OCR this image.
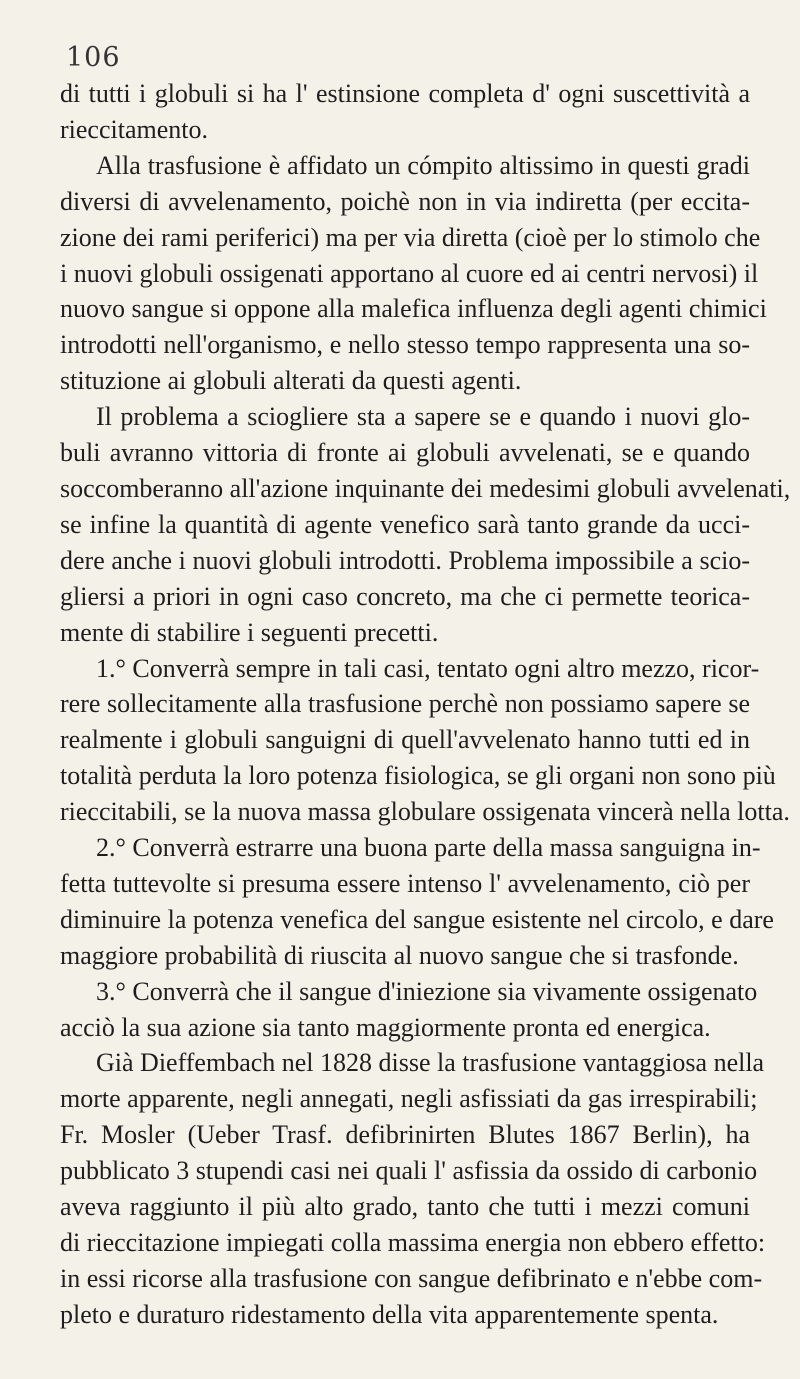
106
di tutti i globuli si ha l' estinsione completa d' ogni suscettività a
rieccitamento.
Alla trasfusione è affidato un cómpito altissimo in questi gradi
diversi di avvelenamento, poichè non in via indiretta (per eccita-
zione dei rami periferici) ma per via diretta (cioè per lo stimolo che
i nuovi globuli ossigenati apportano al cuore ed ai centri nervosi) il
nuovo sangue si oppone alla malefica influenza degli agenti chimici
introdotti nell'organismo, e nello stesso tempo rappresenta una so-
stituzione ai globuli alterati da questi agenti.
Il problema a sciogliere sta a sapere se e quando i nuovi glo-
buli avranno vittoria di fronte ai globuli avvelenati, se e quando
soccomberanno all'azione inquinante dei medesimi globuli avvelenati,
se infine la quantità di agente venefico sarà tanto grande da ucci-
dere anche i nuovi globuli introdotti. Problema impossibile a scio-
gliersi a priori in ogni caso concreto, ma che ci permette teorica-
mente di stabilire i seguenti precetti.
1.° Converrà sempre in tali casi, tentato ogni altro mezzo, ricor-
rere sollecitamente alla trasfusione perchè non possiamo sapere se
realmente i globuli sanguigni di quell'avvelenato hanno tutti ed in
totalità perduta la loro potenza fisiologica, se gli organi non sono più
rieccitabili, se la nuova massa globulare ossigenata vincerà nella lotta.
2.° Converrà estrarre una buona parte della massa sanguigna in-
fetta tuttevolte si presuma essere intenso l' avvelenamento, ciò per
diminuire la potenza venefica del sangue esistente nel circolo, e dare
maggiore probabilità di riuscita al nuovo sangue che si trasfonde.
3.° Converrà che il sangue d'iniezione sia vivamente ossigenato
acciò la sua azione sia tanto maggiormente pronta ed energica.
Già Dieffembach nel 1828 disse la trasfusione vantaggiosa nella
morte apparente, negli annegati, negli asfissiati da gas irrespirabili;
Fr. Mosler (Ueber Trasf. defibrinirten Blutes 1867 Berlin), ha
pubblicato 3 stupendi casi nei quali l' asfissia da ossido di carbonio
aveva raggiunto il più alto grado, tanto che tutti i mezzi comuni
di rieccitazione impiegati colla massima energia non ebbero effetto:
in essi ricorse alla trasfusione con sangue defibrinato e n'ebbe com-
pleto e duraturo ridestamento della vita apparentemente spenta.
